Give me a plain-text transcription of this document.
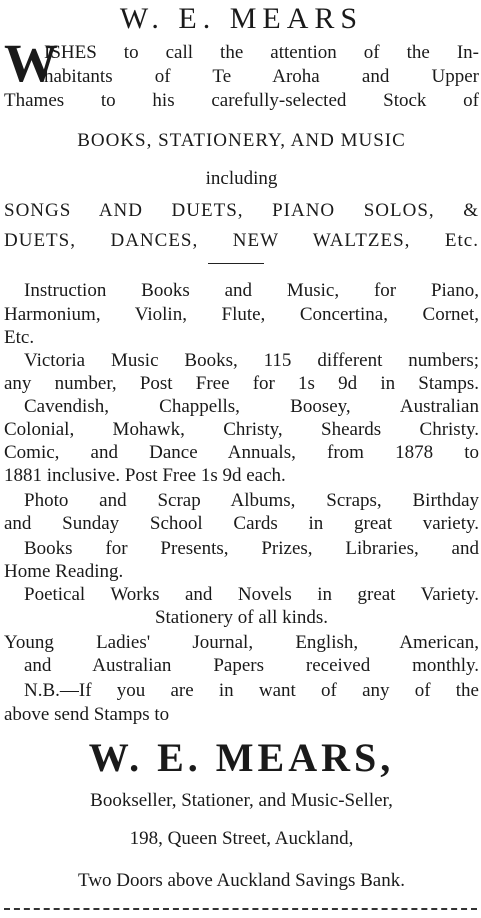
W. E. MEARS
W
ISHES to call the attention of the In-
habitants of Te Aroha and Upper
Thames to his carefully-selected Stock of
BOOKS, STATIONERY, AND MUSIC
including
SONGS AND DUETS, PIANO SOLOS, &
DUETS, DANCES, NEW WALTZES, Etc.
Instruction Books and Music, for Piano,
Harmonium, Violin, Flute, Concertina, Cornet,
Etc.
Victoria Music Books, 115 different numbers;
any number, Post Free for 1s 9d in Stamps.
Cavendish, Chappells, Boosey, Australian
Colonial, Mohawk, Christy, Sheards Christy.
Comic, and Dance Annuals, from 1878 to
1881 inclusive. Post Free 1s 9d each.
Photo and Scrap Albums, Scraps, Birthday
and Sunday School Cards in great variety.
Books for Presents, Prizes, Libraries, and
Home Reading.
Poetical Works and Novels in great Variety.
Stationery of all kinds.
Young Ladies' Journal, English, American,
and Australian Papers received monthly.
N.B.—If you are in want of any of the
above send Stamps to
W. E. MEARS,
Bookseller, Stationer, and Music-Seller,
198, Queen Street, Auckland,
Two Doors above Auckland Savings Bank.
